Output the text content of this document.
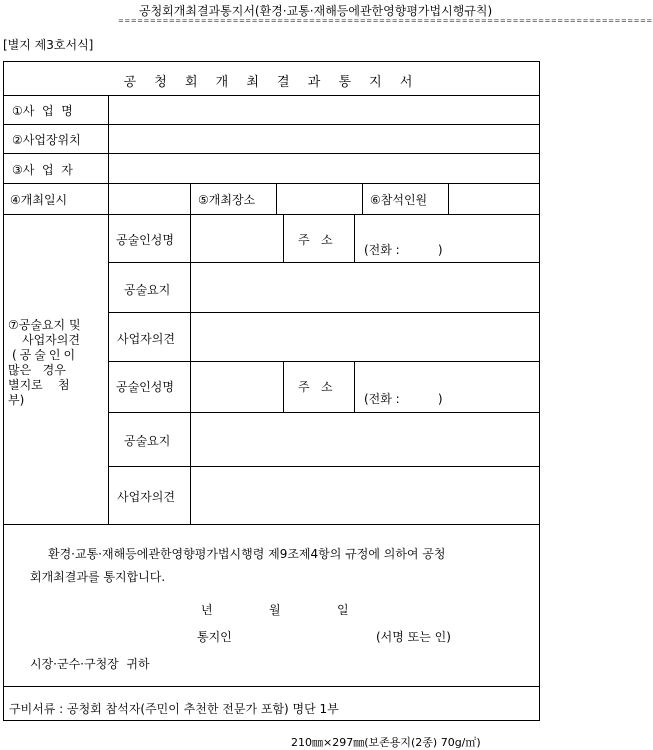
공청회개최결과통지서(환경·교통·재해등에관한영향평가법시행규칙)
====================================================================================
[별지 제3호서식]
공 청 회 개 최 결 과 통 지 서
①사  업  명
②사업장위치
③사  업  자
④개최일시	⑤개최장소	⑥참석인원
⑦공술요지 및
사업자의견
(공술인이
많은   경우
별지로    첨
부)
공술인성명	주   소
(전화 :          )
공술요지
사업자의견
공술인성명	주   소
(전화 :          )
공술요지
사업자의견
환경·교통·재해등에관한영향평가법시행령 제9조제4항의 규정에 의하여 공청
회개최결과를 통지합니다.
년	월	일
통지인	(서명 또는 인)
시장·군수·구청장  귀하
구비서류 : 공청회 참석자(주민이 추천한 전문가 포함) 명단 1부
210㎜×297㎜(보존용지(2종) 70g/㎡)
